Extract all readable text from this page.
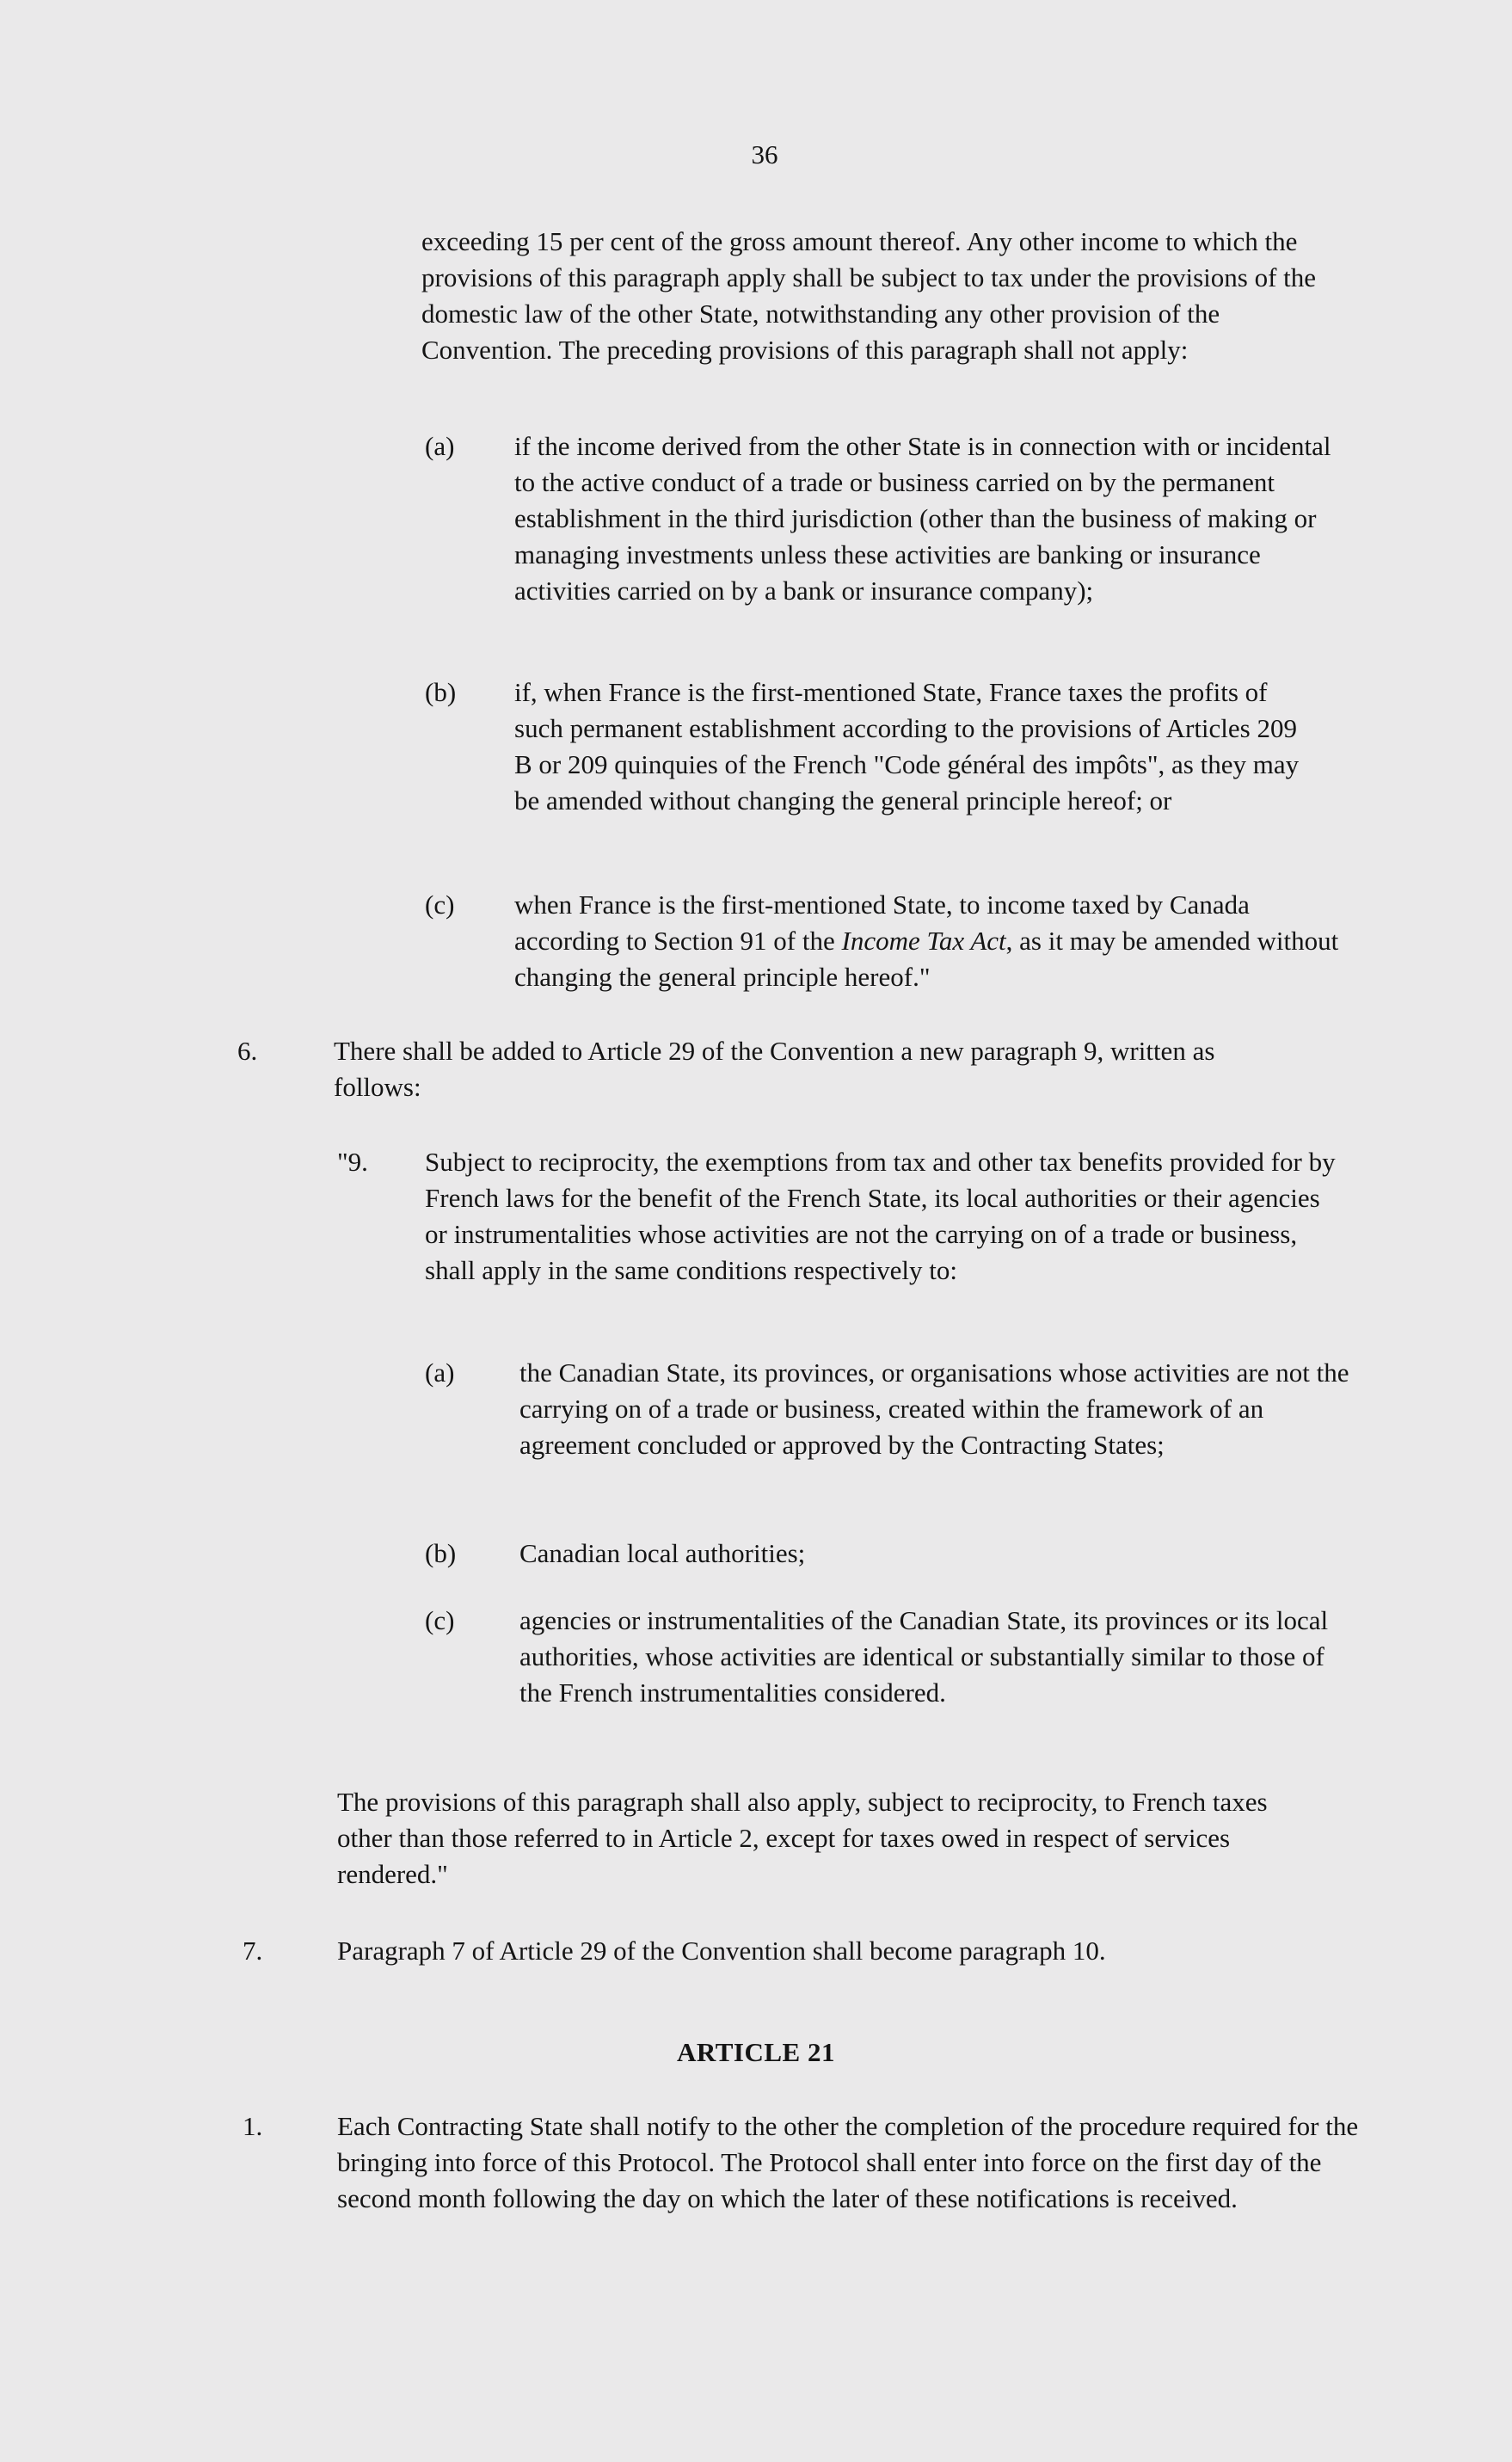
36

exceeding 15 per cent of the gross amount thereof. Any other income to which the provisions of this paragraph apply shall be subject to tax under the provisions of the domestic law of the other State, notwithstanding any other provision of the Convention. The preceding provisions of this paragraph shall not apply:

(a) if the income derived from the other State is in connection with or incidental to the active conduct of a trade or business carried on by the permanent establishment in the third jurisdiction (other than the business of making or managing investments unless these activities are banking or insurance activities carried on by a bank or insurance company);

(b) if, when France is the first-mentioned State, France taxes the profits of such permanent establishment according to the provisions of Articles 209 B or 209 quinquies of the French "Code général des impôts", as they may be amended without changing the general principle hereof; or

(c) when France is the first-mentioned State, to income taxed by Canada according to Section 91 of the Income Tax Act, as it may be amended without changing the general principle hereof."

6.	There shall be added to Article 29 of the Convention a new paragraph 9, written as follows:

"9. Subject to reciprocity, the exemptions from tax and other tax benefits provided for by French laws for the benefit of the French State, its local authorities or their agencies or instrumentalities whose activities are not the carrying on of a trade or business, shall apply in the same conditions respectively to:

(a) the Canadian State, its provinces, or organisations whose activities are not the carrying on of a trade or business, created within the framework of an agreement concluded or approved by the Contracting States;

(b) Canadian local authorities;

(c) agencies or instrumentalities of the Canadian State, its provinces or its local authorities, whose activities are identical or substantially similar to those of the French instrumentalities considered.

The provisions of this paragraph shall also apply, subject to reciprocity, to French taxes other than those referred to in Article 2, except for taxes owed in respect of services rendered."

7.	Paragraph 7 of Article 29 of the Convention shall become paragraph 10.

ARTICLE 21
1.	Each Contracting State shall notify to the other the completion of the procedure required for the bringing into force of this Protocol. The Protocol shall enter into force on the first day of the second month following the day on which the later of these notifications is received.
